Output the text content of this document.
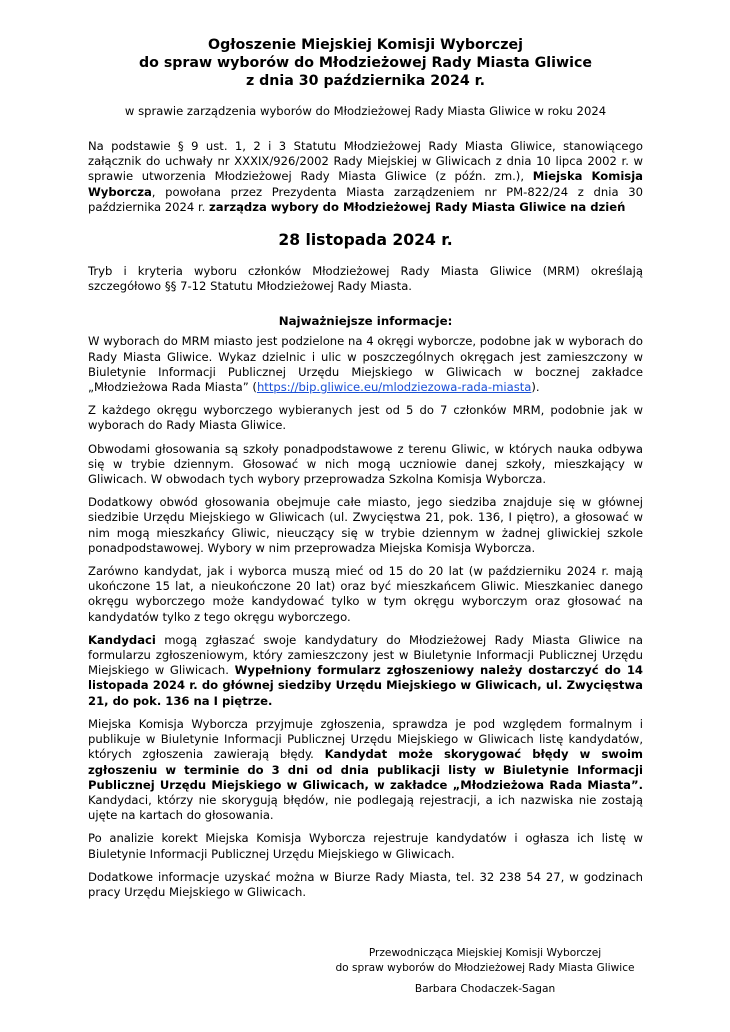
Ogłoszenie Miejskiej Komisji Wyborczej
do spraw wyborów do Młodzieżowej Rady Miasta Gliwice
z dnia 30 października 2024 r.

w sprawie zarządzenia wyborów do Młodzieżowej Rady Miasta Gliwice w roku 2024

Na podstawie § 9 ust. 1, 2 i 3 Statutu Młodzieżowej Rady Miasta Gliwice, stanowiącego załącznik do uchwały nr XXXIX/926/2002 Rady Miejskiej w Gliwicach z dnia 10 lipca 2002 r. w sprawie utworzenia Młodzieżowej Rady Miasta Gliwice (z późn. zm.), Miejska Komisja Wyborcza, powołana przez Prezydenta Miasta zarządzeniem nr PM-822/24 z dnia 30 października 2024 r. zarządza wybory do Młodzieżowej Rady Miasta Gliwice na dzień

28 listopada 2024 r.

Tryb i kryteria wyboru członków Młodzieżowej Rady Miasta Gliwice (MRM) określają szczegółowo §§ 7-12 Statutu Młodzieżowej Rady Miasta.

Najważniejsze informacje:

W wyborach do MRM miasto jest podzielone na 4 okręgi wyborcze, podobne jak w wyborach do Rady Miasta Gliwice. Wykaz dzielnic i ulic w poszczególnych okręgach jest zamieszczony w Biuletynie Informacji Publicznej Urzędu Miejskiego w Gliwicach w bocznej zakładce „Młodzieżowa Rada Miasta” (https://bip.gliwice.eu/mlodziezowa-rada-miasta).

Z każdego okręgu wyborczego wybieranych jest od 5 do 7 członków MRM, podobnie jak w wyborach do Rady Miasta Gliwice.

Obwodami głosowania są szkoły ponadpodstawowe z terenu Gliwic, w których nauka odbywa się w trybie dziennym. Głosować w nich mogą uczniowie danej szkoły, mieszkający w Gliwicach. W obwodach tych wybory przeprowadza Szkolna Komisja Wyborcza.

Dodatkowy obwód głosowania obejmuje całe miasto, jego siedziba znajduje się w głównej siedzibie Urzędu Miejskiego w Gliwicach (ul. Zwycięstwa 21, pok. 136, I piętro), a głosować w nim mogą mieszkańcy Gliwic, nieuczący się w trybie dziennym w żadnej gliwickiej szkole ponadpodstawowej. Wybory w nim przeprowadza Miejska Komisja Wyborcza.

Zarówno kandydat, jak i wyborca muszą mieć od 15 do 20 lat (w październiku 2024 r. mają ukończone 15 lat, a nieukończone 20 lat) oraz być mieszkańcem Gliwic. Mieszkaniec danego okręgu wyborczego może kandydować tylko w tym okręgu wyborczym oraz głosować na kandydatów tylko z tego okręgu wyborczego.

Kandydaci mogą zgłaszać swoje kandydatury do Młodzieżowej Rady Miasta Gliwice na formularzu zgłoszeniowym, który zamieszczony jest w Biuletynie Informacji Publicznej Urzędu Miejskiego w Gliwicach. Wypełniony formularz zgłoszeniowy należy dostarczyć do 14 listopada 2024 r. do głównej siedziby Urzędu Miejskiego w Gliwicach, ul. Zwycięstwa 21, do pok. 136 na I piętrze.

Miejska Komisja Wyborcza przyjmuje zgłoszenia, sprawdza je pod względem formalnym i publikuje w Biuletynie Informacji Publicznej Urzędu Miejskiego w Gliwicach listę kandydatów, których zgłoszenia zawierają błędy. Kandydat może skorygować błędy w swoim zgłoszeniu w terminie do 3 dni od dnia publikacji listy w Biuletynie Informacji Publicznej Urzędu Miejskiego w Gliwicach, w zakładce „Młodzieżowa Rada Miasta”. Kandydaci, którzy nie skorygują błędów, nie podlegają rejestracji, a ich nazwiska nie zostają ujęte na kartach do głosowania.

Po analizie korekt Miejska Komisja Wyborcza rejestruje kandydatów i ogłasza ich listę w Biuletynie Informacji Publicznej Urzędu Miejskiego w Gliwicach.

Dodatkowe informacje uzyskać można w Biurze Rady Miasta, tel. 32 238 54 27, w godzinach pracy Urzędu Miejskiego w Gliwicach.

Przewodnicząca Miejskiej Komisji Wyborczej
do spraw wyborów do Młodzieżowej Rady Miasta Gliwice
Barbara Chodaczek-Sagan
